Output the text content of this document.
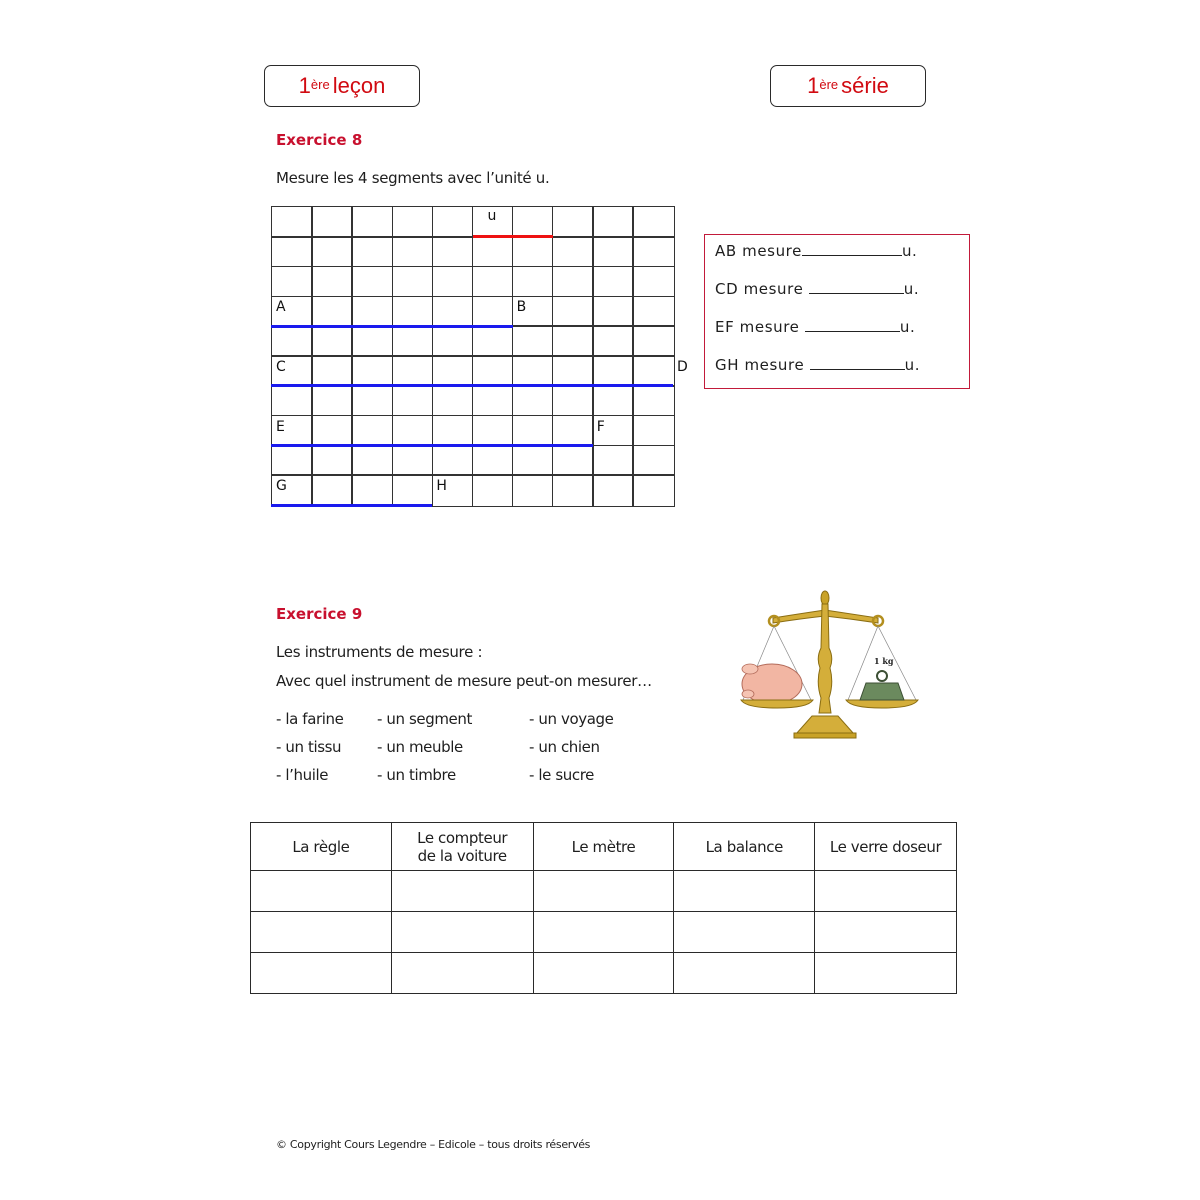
1ère leçon	1ère série
Exercice 8
Mesure les 4 segments avec l’unité u.
u
A	B
C	D
E	F
G	H
AB mesure	u.
CD mesure	u.
EF mesure	u.
GH mesure	u.
Exercice 9
Les instruments de mesure :
Avec quel instrument de mesure peut-on mesurer…
- la farine - un segment	- un voyage
- un tissu - un meuble	- un chien
- l’huile	- un timbre	- le sucre
1 kg
La règle	Le compteur
de la voiture	Le mètre	La balance	Le verre doseur

© Copyright Cours Legendre – Edicole – tous droits réservés
